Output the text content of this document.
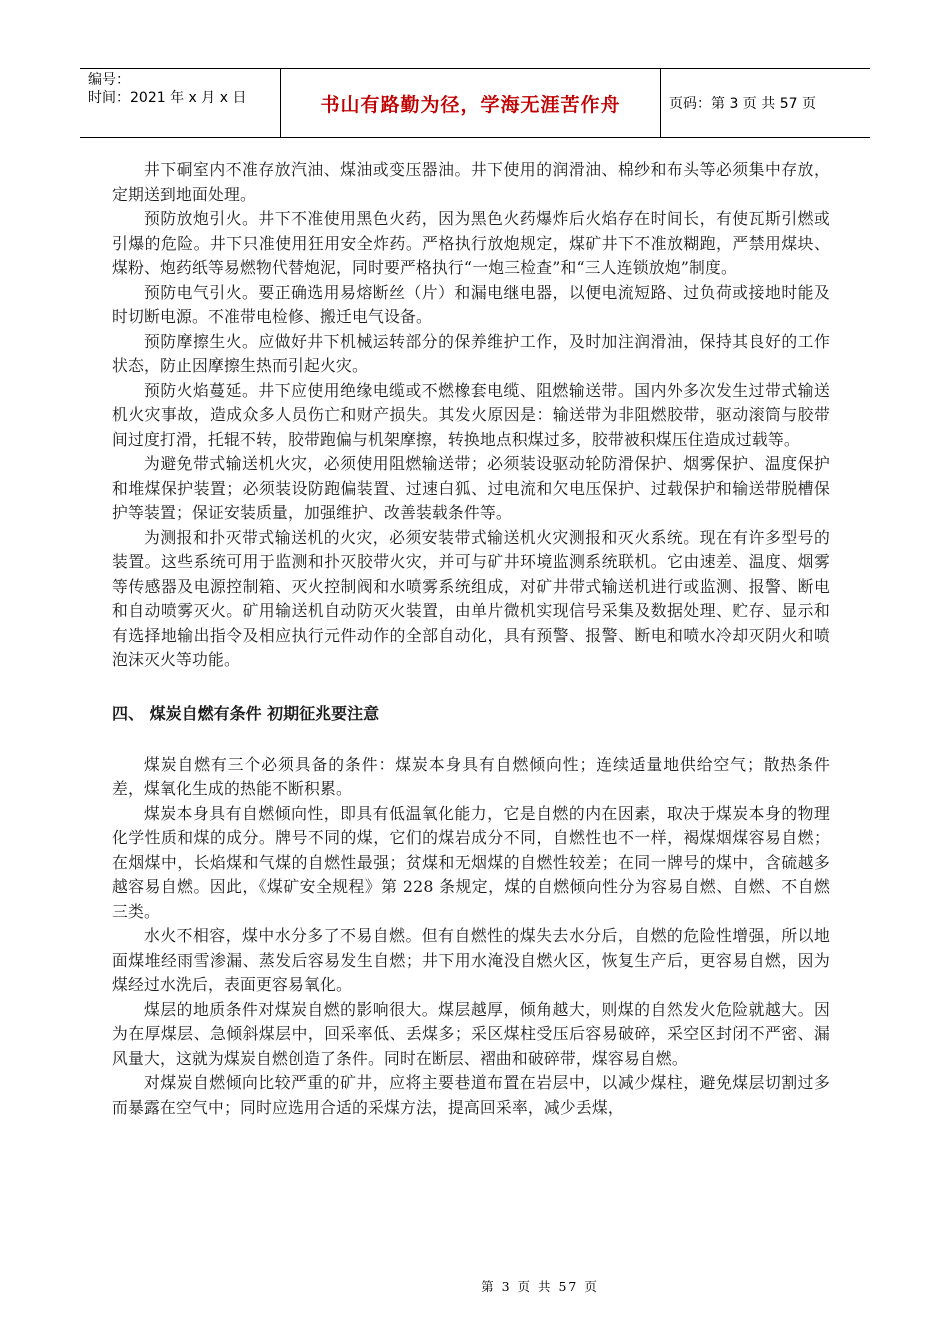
编号：
时间：2021 年 x 月 x 日	书山有路勤为径，学海无涯苦作舟	页码：第 3 页 共 57 页

井下硐室内不准存放汽油、煤油或变压器油。井下使用的润滑油、棉纱和布头等必须集中存放，定期送到地面处理。

预防放炮引火。井下不准使用黑色火药，因为黑色火药爆炸后火焰存在时间长，有使瓦斯引燃或引爆的危险。井下只准使用狂用安全炸药。严格执行放炮规定，煤矿井下不准放糊跑，严禁用煤块、煤粉、炮药纸等易燃物代替炮泥，同时要严格执行“一炮三检查”和“三人连锁放炮”制度。

预防电气引火。要正确选用易熔断丝（片）和漏电继电器，以便电流短路、过负荷或接地时能及时切断电源。不准带电检修、搬迁电气设备。

预防摩擦生火。应做好井下机械运转部分的保养维护工作，及时加注润滑油，保持其良好的工作状态，防止因摩擦生热而引起火灾。

预防火焰蔓延。井下应使用绝缘电缆或不燃橡套电缆、阻燃输送带。国内外多次发生过带式输送机火灾事故，造成众多人员伤亡和财产损失。其发火原因是：输送带为非阻燃胶带，驱动滚筒与胶带间过度打滑，托辊不转，胶带跑偏与机架摩擦，转换地点积煤过多，胶带被积煤压住造成过载等。

为避免带式输送机火灾，必须使用阻燃输送带；必须装设驱动轮防滑保护、烟雾保护、温度保护和堆煤保护装置；必须装设防跑偏装置、过速白狐、过电流和欠电压保护、过载保护和输送带脱槽保护等装置；保证安装质量，加强维护、改善装载条件等。

为测报和扑灭带式输送机的火灾，必须安装带式输送机火灾测报和灭火系统。现在有许多型号的装置。这些系统可用于监测和扑灭胶带火灾，并可与矿井环境监测系统联机。它由速差、温度、烟雾等传感器及电源控制箱、灭火控制阀和水喷雾系统组成，对矿井带式输送机进行或监测、报警、断电和自动喷雾灭火。矿用输送机自动防灭火装置，由单片微机实现信号采集及数据处理、贮存、显示和有选择地输出指令及相应执行元件动作的全部自动化，具有预警、报警、断电和喷水冷却灭阴火和喷泡沫灭火等功能。

四、 煤炭自燃有条件 初期征兆要注意

煤炭自燃有三个必须具备的条件：煤炭本身具有自燃倾向性；连续适量地供给空气；散热条件差，煤氧化生成的热能不断积累。

煤炭本身具有自燃倾向性，即具有低温氧化能力，它是自燃的内在因素，取决于煤炭本身的物理化学性质和煤的成分。牌号不同的煤，它们的煤岩成分不同，自燃性也不一样，褐煤烟煤容易自燃；在烟煤中，长焰煤和气煤的自燃性最强；贫煤和无烟煤的自燃性较差；在同一牌号的煤中，含硫越多越容易自燃。因此，《煤矿安全规程》第 228 条规定，煤的自燃倾向性分为容易自燃、自燃、不自燃三类。

水火不相容，煤中水分多了不易自燃。但有自燃性的煤失去水分后，自燃的危险性增强，所以地面煤堆经雨雪渗漏、蒸发后容易发生自燃；井下用水淹没自燃火区，恢复生产后，更容易自燃，因为煤经过水洗后，表面更容易氧化。

煤层的地质条件对煤炭自燃的影响很大。煤层越厚，倾角越大，则煤的自然发火危险就越大。因为在厚煤层、急倾斜煤层中，回采率低、丢煤多；采区煤柱受压后容易破碎，采空区封闭不严密、漏风量大，这就为煤炭自燃创造了条件。同时在断层、褶曲和破碎带，煤容易自燃。

对煤炭自燃倾向比较严重的矿井，应将主要巷道布置在岩层中，以减少煤柱，避免煤层切割过多而暴露在空气中；同时应选用合适的采煤方法，提高回采率，减少丢煤，

第 3 页 共 57 页
